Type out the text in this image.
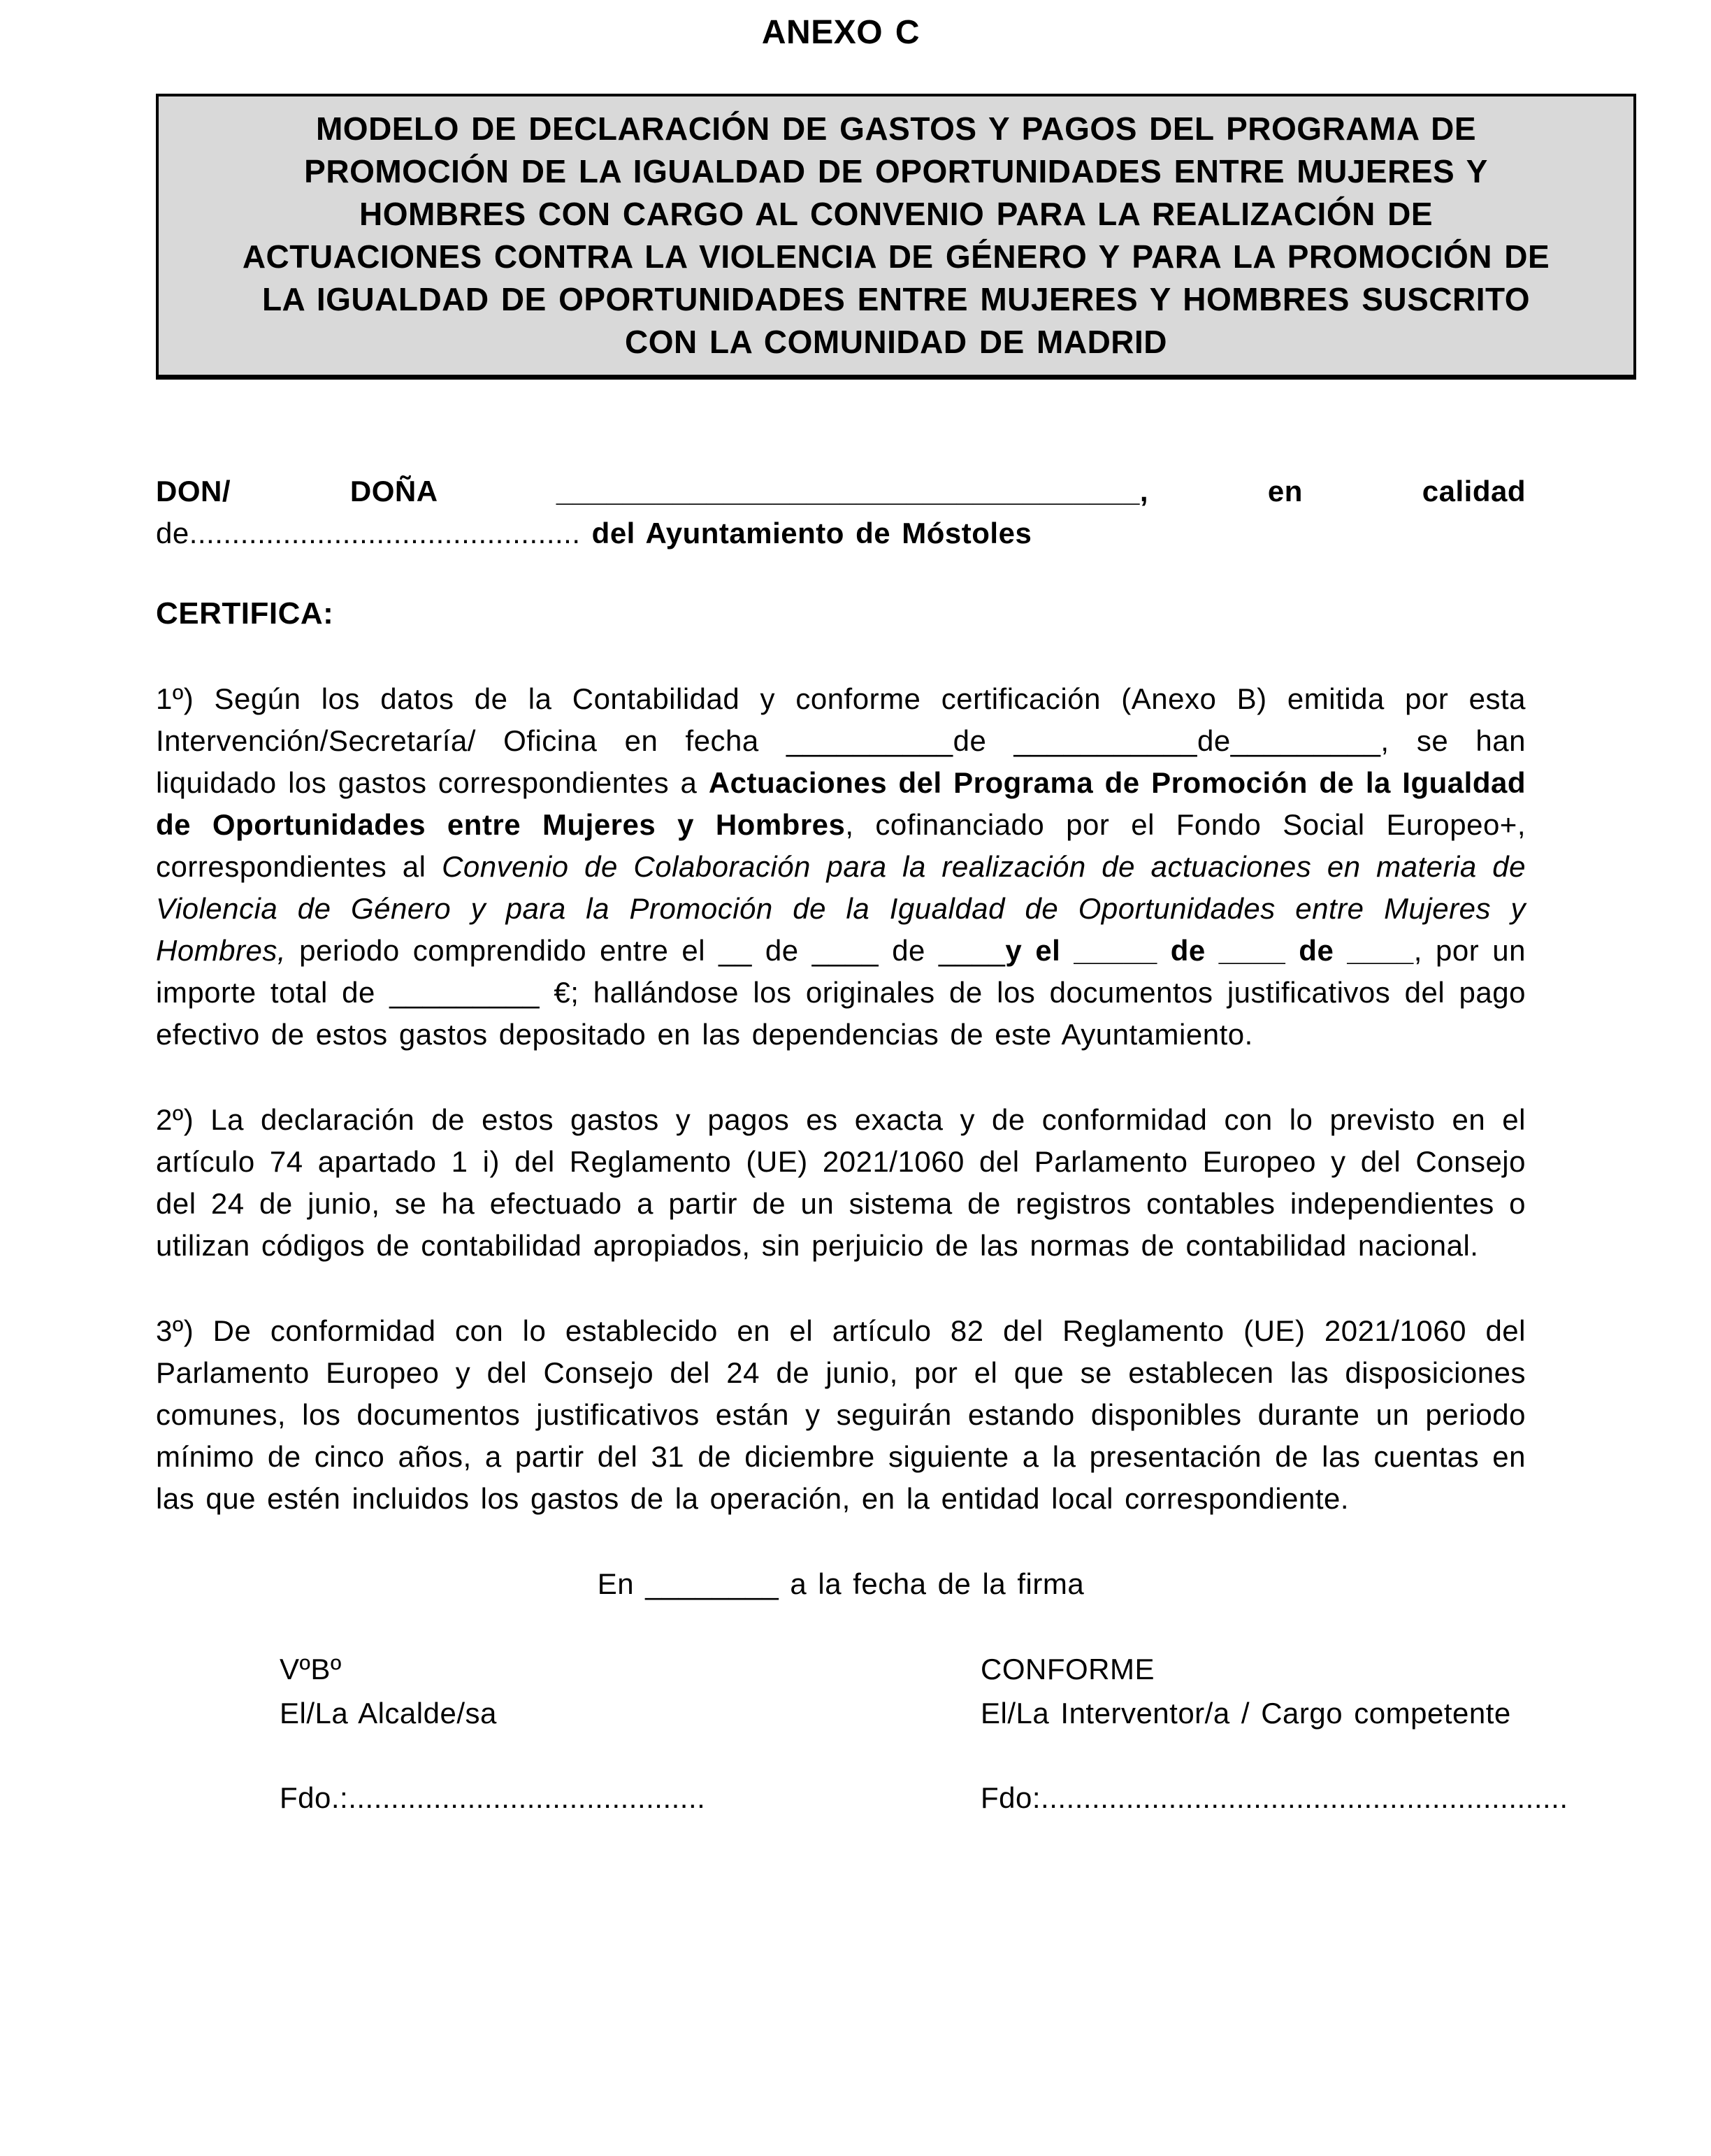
ANEXO C
MODELO DE DECLARACIÓN DE GASTOS Y PAGOS DEL PROGRAMA DE
PROMOCIÓN DE LA IGUALDAD DE OPORTUNIDADES ENTRE MUJERES Y
HOMBRES CON CARGO AL CONVENIO PARA LA REALIZACIÓN DE
ACTUACIONES CONTRA LA VIOLENCIA DE GÉNERO Y PARA LA PROMOCIÓN DE
LA IGUALDAD DE OPORTUNIDADES ENTRE MUJERES Y HOMBRES SUSCRITO
CON LA COMUNIDAD DE MADRID
DON/ DOÑA	___________________________________,	en calidad
de.............................................. del Ayuntamiento de Móstoles
CERTIFICA:

1º) Según los datos de la Contabilidad y conforme certificación (Anexo B) emitida por esta Intervención/Secretaría/ Oficina en fecha __________de ___________de_________, se han liquidado los gastos correspondientes a Actuaciones del Programa de Promoción de la Igualdad de Oportunidades entre Mujeres y Hombres, cofinanciado por el Fondo Social Europeo+, correspondientes al Convenio de Colaboración para la realización de actuaciones en materia de Violencia de Género y para la Promoción de la Igualdad de Oportunidades entre Mujeres y Hombres, periodo comprendido entre el __ de ____ de ____y el _____ de ____ de ____, por un importe total de _________ €; hallándose los originales de los documentos justificativos del pago efectivo de estos gastos depositado en las dependencias de este Ayuntamiento.

2º) La declaración de estos gastos y pagos es exacta y de conformidad con lo previsto en el artículo 74 apartado 1 i) del Reglamento (UE) 2021/1060 del Parlamento Europeo y del Consejo del 24 de junio, se ha efectuado a partir de un sistema de registros contables independientes o utilizan códigos de contabilidad apropiados, sin perjuicio de las normas de contabilidad nacional.

3º) De conformidad con lo establecido en el artículo 82 del Reglamento (UE) 2021/1060 del Parlamento Europeo y del Consejo del 24 de junio, por el que se establecen las disposiciones comunes, los documentos justificativos están y seguirán estando disponibles durante un periodo mínimo de cinco años, a partir del 31 de diciembre siguiente a la presentación de las cuentas en las que estén incluidos los gastos de la operación, en la entidad local correspondiente.

En ________ a la fecha de la firma
VºBº
El/La Alcalde/sa
Fdo.:..........................................
CONFORME
El/La Interventor/a / Cargo competente
Fdo:..............................................................
